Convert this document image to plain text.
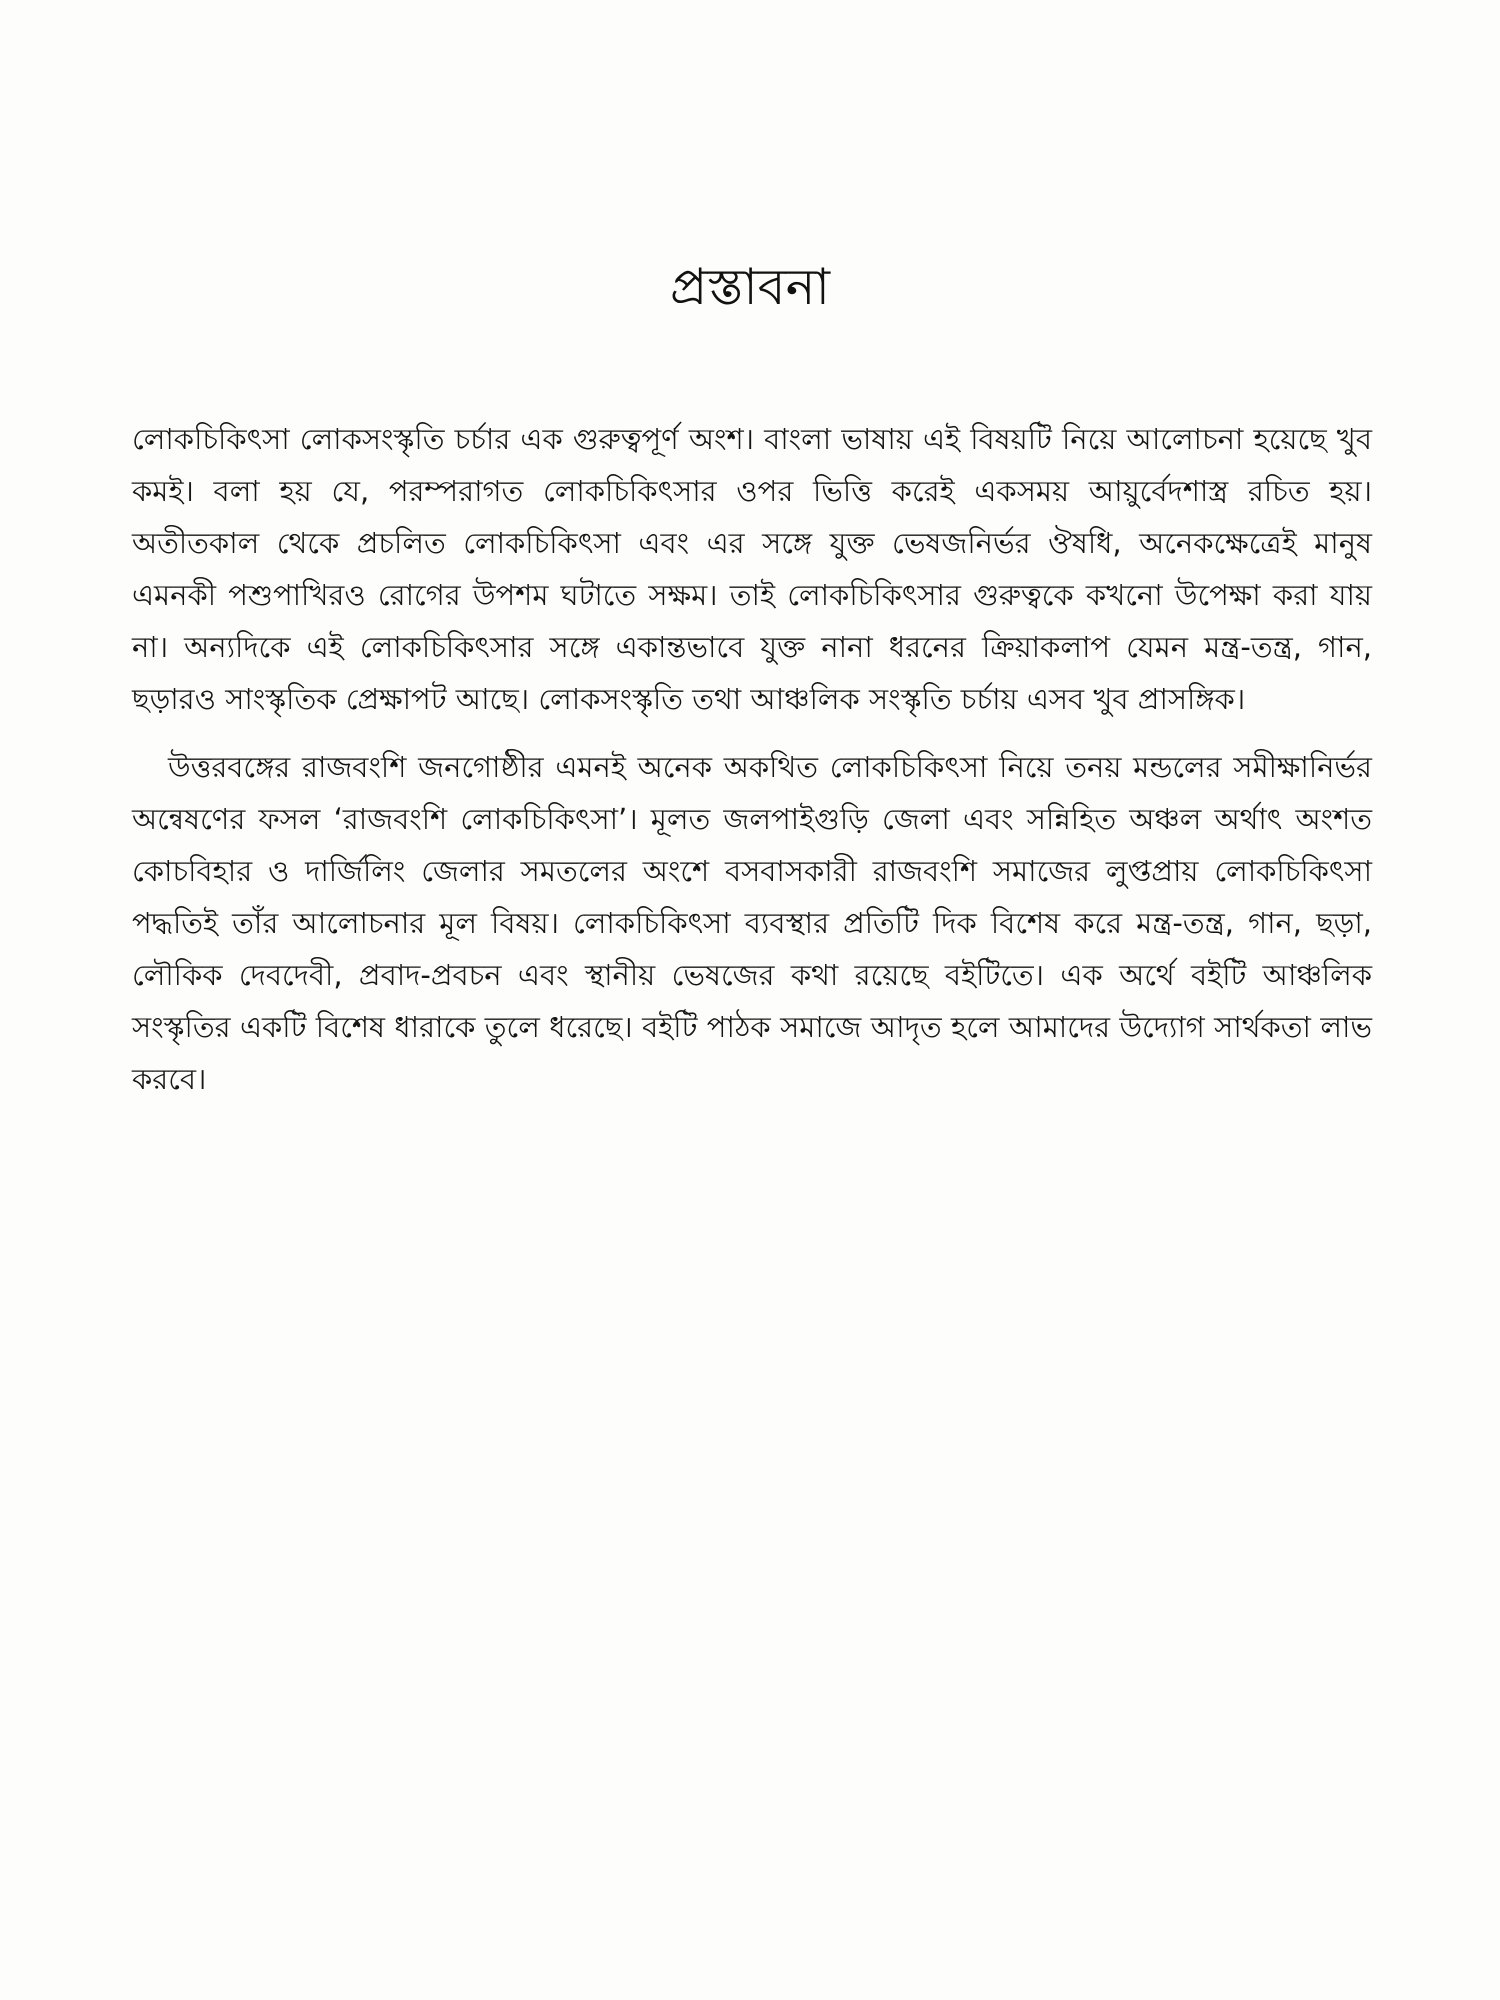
প্রস্তাবনা

লোকচিকিৎসা লোকসংস্কৃতি চর্চার এক গুরুত্বপূর্ণ অংশ। বাংলা ভাষায় এই বিষয়টি নিয়ে আলোচনা হয়েছে খুব কমই। বলা হয় যে, পরম্পরাগত লোকচিকিৎসার ওপর ভিত্তি করেই একসময় আয়ুর্বেদশাস্ত্র রচিত হয়। অতীতকাল থেকে প্রচলিত লোকচিকিৎসা এবং এর সঙ্গে যুক্ত ভেষজনির্ভর ঔষধি, অনেকক্ষেত্রেই মানুষ এমনকী পশুপাখিরও রোগের উপশম ঘটাতে সক্ষম। তাই লোকচিকিৎসার গুরুত্বকে কখনো উপেক্ষা করা যায় না। অন্যদিকে এই লোকচিকিৎসার সঙ্গে একান্তভাবে যুক্ত নানা ধরনের ক্রিয়াকলাপ যেমন মন্ত্র-তন্ত্র, গান, ছড়ারও সাংস্কৃতিক প্রেক্ষাপট আছে। লোকসংস্কৃতি তথা আঞ্চলিক সংস্কৃতি চর্চায় এসব খুব প্রাসঙ্গিক।

উত্তরবঙ্গের রাজবংশি জনগোষ্ঠীর এমনই অনেক অকথিত লোকচিকিৎসা নিয়ে তনয় মন্ডলের সমীক্ষানির্ভর অন্বেষণের ফসল ‘রাজবংশি লোকচিকিৎসা’। মূলত জলপাইগুড়ি জেলা এবং সন্নিহিত অঞ্চল অর্থাৎ অংশত কোচবিহার ও দার্জিলিং জেলার সমতলের অংশে বসবাসকারী রাজবংশি সমাজের লুপ্তপ্রায় লোকচিকিৎসা পদ্ধতিই তাঁর আলোচনার মূল বিষয়। লোকচিকিৎসা ব্যবস্থার প্রতিটি দিক বিশেষ করে মন্ত্র-তন্ত্র, গান, ছড়া, লৌকিক দেবদেবী, প্রবাদ-প্রবচন এবং স্থানীয় ভেষজের কথা রয়েছে বইটিতে। এক অর্থে বইটি আঞ্চলিক সংস্কৃতির একটি বিশেষ ধারাকে তুলে ধরেছে। বইটি পাঠক সমাজে আদৃত হলে আমাদের উদ্যোগ সার্থকতা লাভ করবে।
